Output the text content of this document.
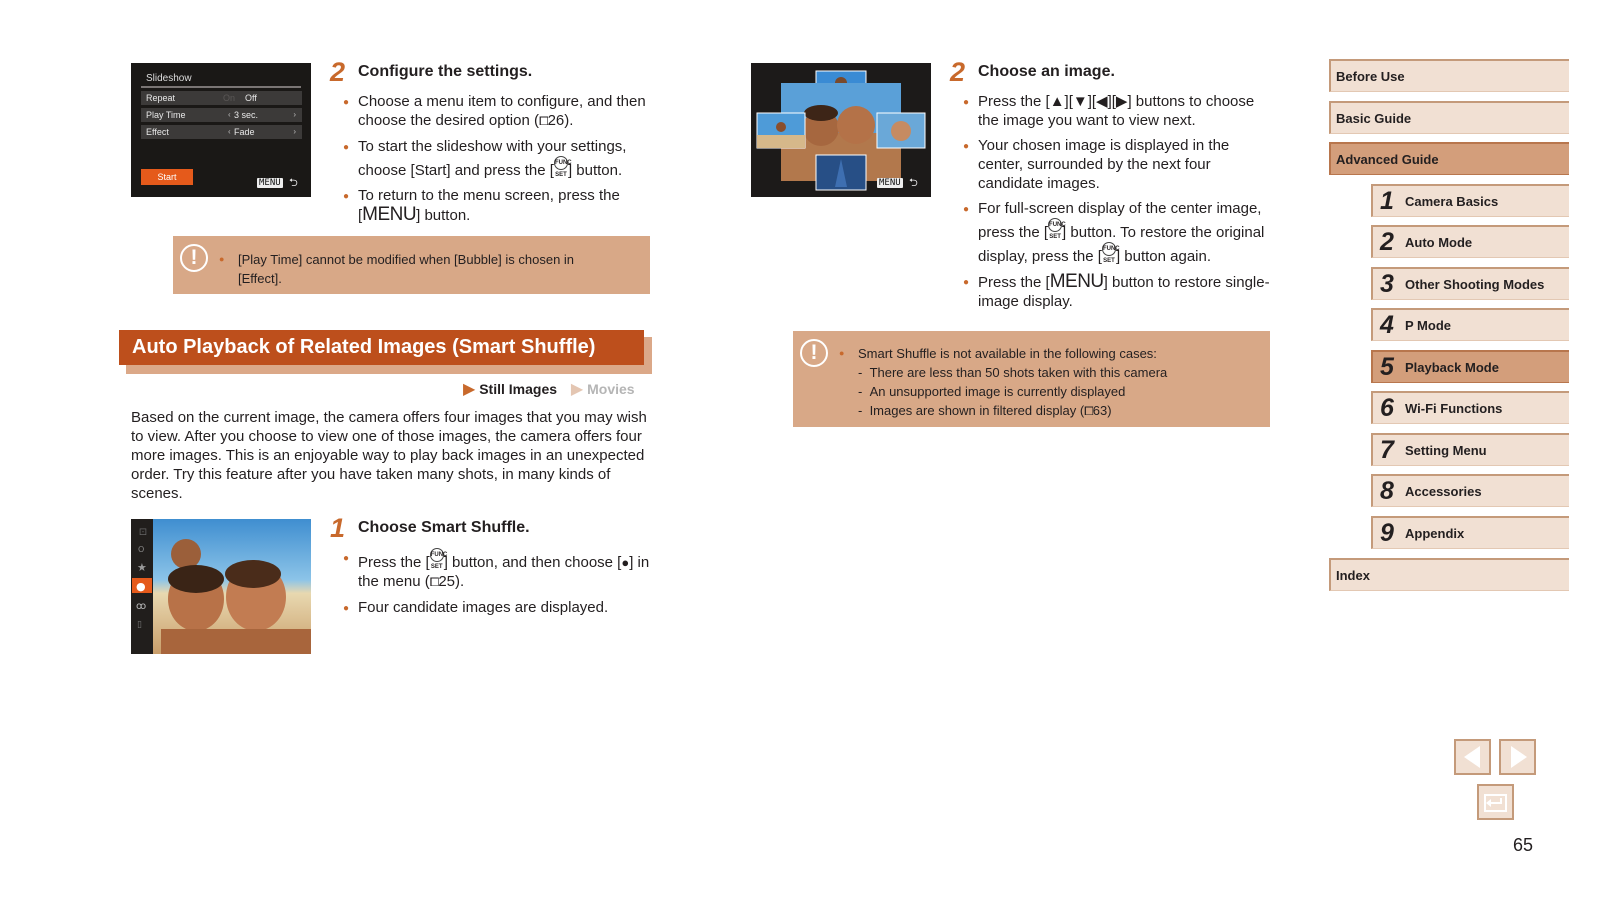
Slideshow
Repeat	On Off
Play Time	‹ 3 sec.	›
Effect	‹ Fade	›
Start
MENU ⮌
2 Configure the settings.
● Choose a menu item to configure, and then choose the desired option (⧠26).
● To start the slideshow with your settings, choose [Start] and press the [FUNC SET] button.
● To return to the menu screen, press the [MENU] button.
!	● [Play Time] cannot be modified when [Bubble] is chosen in [Effect].
Auto Playback of Related Images (Smart Shuffle)
▶ Still Images ▶ Movies
Based on the current image, the camera offers four images that you may wish to view. After you choose to view one of those images, the camera offers four more images. This is an enjoyable way to play back images in an unexpected order. Try this feature after you have taken many shots, in many kinds of scenes.
⚀
O
★
●
ꝏ
▯
1 Choose Smart Shuffle.
● Press the [FUNC SET] button, and then choose [●] in the menu (⧠25).
● Four candidate images are displayed.
MENU ⮌
2 Choose an image.
● Press the [▲][▼][◀][▶] buttons to choose the image you want to view next.
● Your chosen image is displayed in the center, surrounded by the next four candidate images.
● For full-screen display of the center image, press the [FUNC SET] button. To restore the original display, press the [FUNC SET] button again.
● Press the [MENU] button to restore single-image display.
!	● Smart Shuffle is not available in the following cases:
-  There are less than 50 shots taken with this camera
-  An unsupported image is currently displayed
-  Images are shown in filtered display (⧠63)
Before Use
Basic Guide
Advanced Guide
1 Camera Basics
2 Auto Mode
3 Other Shooting Modes
4 P Mode
5 Playback Mode
6 Wi-Fi Functions
7 Setting Menu
8 Accessories
9 Appendix
Index
65
